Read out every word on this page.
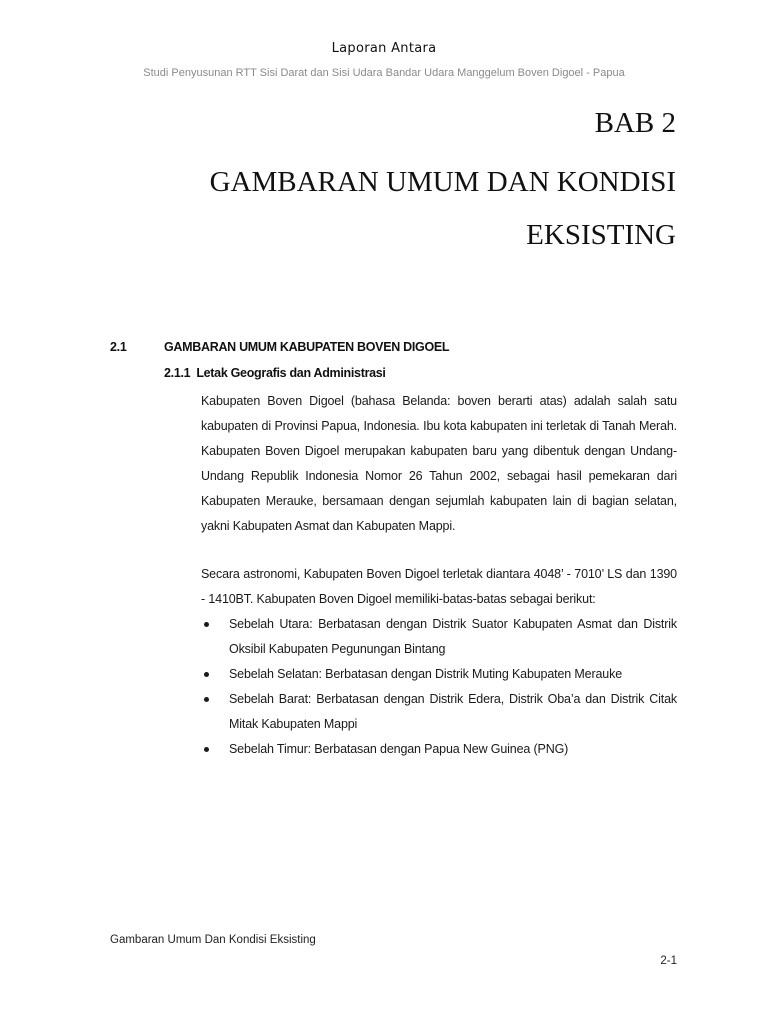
Laporan Antara
Studi Penyusunan RTT Sisi Darat dan Sisi Udara Bandar Udara Manggelum Boven Digoel - Papua
BAB 2
GAMBARAN UMUM DAN KONDISI EKSISTING
2.1	GAMBARAN UMUM KABUPATEN BOVEN DIGOEL
2.1.1 Letak Geografis dan Administrasi

Kabupaten Boven Digoel (bahasa Belanda: boven berarti atas) adalah salah satu kabupaten di Provinsi Papua, Indonesia. Ibu kota kabupaten ini terletak di Tanah Merah. Kabupaten Boven Digoel merupakan kabupaten baru yang dibentuk dengan Undang-Undang Republik Indonesia Nomor 26 Tahun 2002, sebagai hasil pemekaran dari Kabupaten Merauke, bersamaan dengan sejumlah kabupaten lain di bagian selatan, yakni Kabupaten Asmat dan Kabupaten Mappi.

Secara astronomi, Kabupaten Boven Digoel terletak diantara 4048’ - 7010’ LS dan 1390 - 1410BT. Kabupaten Boven Digoel memiliki-batas-batas sebagai berikut:

Sebelah Utara: Berbatasan dengan Distrik Suator Kabupaten Asmat dan Distrik Oksibil Kabupaten Pegunungan Bintang
Sebelah Selatan: Berbatasan dengan Distrik Muting Kabupaten Merauke
Sebelah Barat: Berbatasan dengan Distrik Edera, Distrik Oba’a dan Distrik Citak Mitak Kabupaten Mappi
Sebelah Timur: Berbatasan dengan Papua New Guinea (PNG)
Gambaran Umum Dan Kondisi Eksisting
2-1
